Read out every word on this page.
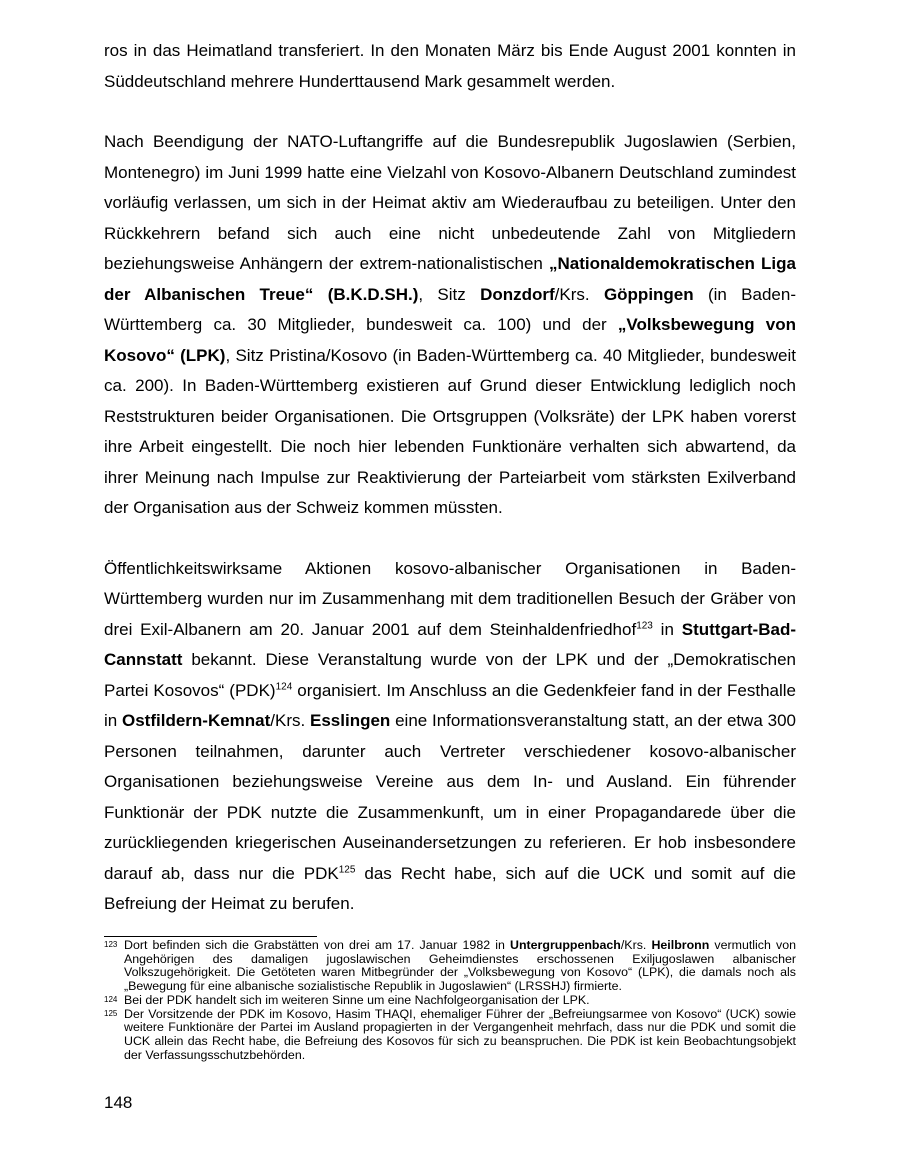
ros in das Heimatland transferiert. In den Monaten März bis Ende August 2001 konnten in Süddeutschland mehrere Hunderttausend Mark gesammelt werden.

Nach Beendigung der NATO-Luftangriffe auf die Bundesrepublik Jugoslawien (Serbien, Montenegro) im Juni 1999 hatte eine Vielzahl von Kosovo-Albanern Deutschland zumindest vorläufig verlassen, um sich in der Heimat aktiv am Wiederaufbau zu beteiligen. Unter den Rückkehrern befand sich auch eine nicht unbedeutende Zahl von Mitgliedern beziehungsweise Anhängern der extrem-nationalistischen „Nationaldemokratischen Liga der Albanischen Treue“ (B.K.D.SH.), Sitz Donzdorf/Krs. Göppingen (in Baden-Württemberg ca. 30 Mitglieder, bundesweit ca. 100) und der „Volksbewegung von Kosovo“ (LPK), Sitz Pristina/Kosovo (in Baden-Württemberg ca. 40 Mitglieder, bundesweit ca. 200). In Baden-Württemberg existieren auf Grund dieser Entwicklung lediglich noch Reststrukturen beider Organisationen. Die Ortsgruppen (Volksräte) der LPK haben vorerst ihre Arbeit eingestellt. Die noch hier lebenden Funktionäre verhalten sich abwartend, da ihrer Meinung nach Impulse zur Reaktivierung der Parteiarbeit vom stärksten Exilverband der Organisation aus der Schweiz kommen müssten.

Öffentlichkeitswirksame Aktionen kosovo-albanischer Organisationen in Baden-Württemberg wurden nur im Zusammenhang mit dem traditionellen Besuch der Gräber von drei Exil-Albanern am 20. Januar 2001 auf dem Steinhaldenfriedhof$^{123}$ in Stuttgart-Bad-Cannstatt bekannt. Diese Veranstaltung wurde von der LPK und der „Demokratischen Partei Kosovos“ (PDK)$^{124}$ organisiert. Im Anschluss an die Gedenkfeier fand in der Festhalle in Ostfildern-Kemnat/Krs. Esslingen eine Informationsveranstaltung statt, an der etwa 300 Personen teilnahmen, darunter auch Vertreter verschiedener kosovo-albanischer Organisationen beziehungsweise Vereine aus dem In- und Ausland. Ein führender Funktionär der PDK nutzte die Zusammenkunft, um in einer Propagandarede über die zurückliegenden kriegerischen Auseinandersetzungen zu referieren. Er hob insbesondere darauf ab, dass nur die PDK$^{125}$ das Recht habe, sich auf die UCK und somit auf die Befreiung der Heimat zu berufen.

123 Dort befinden sich die Grabstätten von drei am 17. Januar 1982 in Untergruppenbach/Krs. Heilbronn vermutlich von Angehörigen des damaligen jugoslawischen Geheimdienstes erschossenen Exiljugoslawen albanischer Volkszugehörigkeit. Die Getöteten waren Mitbegründer der „Volksbewegung von Kosovo“ (LPK), die damals noch als „Bewegung für eine albanische sozialistische Republik in Jugoslawien“ (LRSSHJ) firmierte.
124 Bei der PDK handelt sich im weiteren Sinne um eine Nachfolgeorganisation der LPK.
125 Der Vorsitzende der PDK im Kosovo, Hasim THAQI, ehemaliger Führer der „Befreiungsarmee von Kosovo“ (UCK) sowie weitere Funktionäre der Partei im Ausland propagierten in der Vergangenheit mehrfach, dass nur die PDK und somit die UCK allein das Recht habe, die Befreiung des Kosovos für sich zu beanspruchen. Die PDK ist kein Beobachtungsobjekt der Verfassungsschutzbehörden.
148
